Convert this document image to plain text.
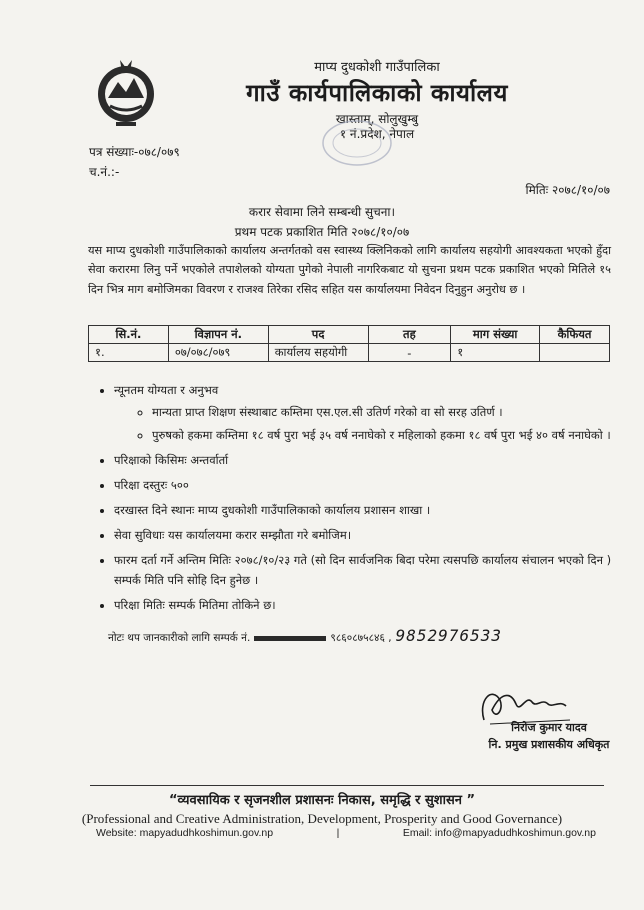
माप्य दुधकोशी गाउँपालिका
गाउँ कार्यपालिकाको कार्यालय
खास्ताम्, सोलुखुम्बु
१ नं.प्रदेश, नेपाल
पत्र संख्याः-०७८/०७९
च.नं.:-
मितिः २०७८/१०/०७
करार सेवामा लिने सम्बन्धी सुचना।
प्रथम पटक प्रकाशित मिति २०७८/१०/०७
यस माप्य दुधकोशी गाउँपालिकाको कार्यालय अन्तर्गतको वस स्वास्थ्य क्लिनिकको लागि कार्यालय सहयोगी आवश्यकता भएको हुँदा सेवा करारमा लिनु पर्ने भएकोले तपाशेलको योग्यता पुगेको नेपाली नागरिकबाट यो सुचना प्रथम पटक प्रकाशित भएको मितिले १५ दिन भित्र माग बमोजिमका विवरण र राजश्व तिरेका रसिद सहित यस कार्यालयमा निवेदन दिनुहुन अनुरोध छ ।
सि.नं.	विज्ञापन नं.	पद	तह	माग संख्या	कैफियत
१.	०७/०७८/०७९	कार्यालय सहयोगी	-	१	
• न्यूनतम योग्यता र अनुभव
◦ मान्यता प्राप्त शिक्षण संस्थाबाट कम्तिमा एस.एल.सी उतिर्ण गरेको वा सो सरह उतिर्ण ।
◦ पुरुषको हकमा कम्तिमा १८ वर्ष पुरा भई ३५ वर्ष ननाघेको र महिलाको हकमा १८ वर्ष पुरा भई ४० वर्ष ननाघेको ।
• परिक्षाको किसिमः अन्तर्वार्ता
• परिक्षा दस्तुरः ५००
• दरखास्त दिने स्थानः माप्य दुधकोशी गाउँपालिकाको कार्यालय प्रशासन शाखा ।
• सेवा सुविधाः यस कार्यालयमा करार सम्झौता गरे बमोजिम।
• फारम दर्ता गर्ने अन्तिम मितिः २०७८/१०/२३ गते (सो दिन सार्वजनिक बिदा परेमा त्यसपछि कार्यालय संचालन भएको दिन ) सम्पर्क मिति पनि सोहि दिन हुनेछ ।
• परिक्षा मितिः सम्पर्क मितिमा तोकिने छ।
नोटः थप जानकारीको लागि सम्पर्क नं.	९८६०८७५८४६ , 9852976533
निरोज कुमार यादव
नि. प्रमुख प्रशासकीय अधिकृत
“व्यवसायिक र सृजनशील प्रशासनः निकास, समृद्धि र सुशासन ”
(Professional and Creative Administration, Development, Prosperity and Good Governance)
Website: mapyadudhkoshimun.gov.np	|	Email: info@mapyadudhkoshimun.gov.np
